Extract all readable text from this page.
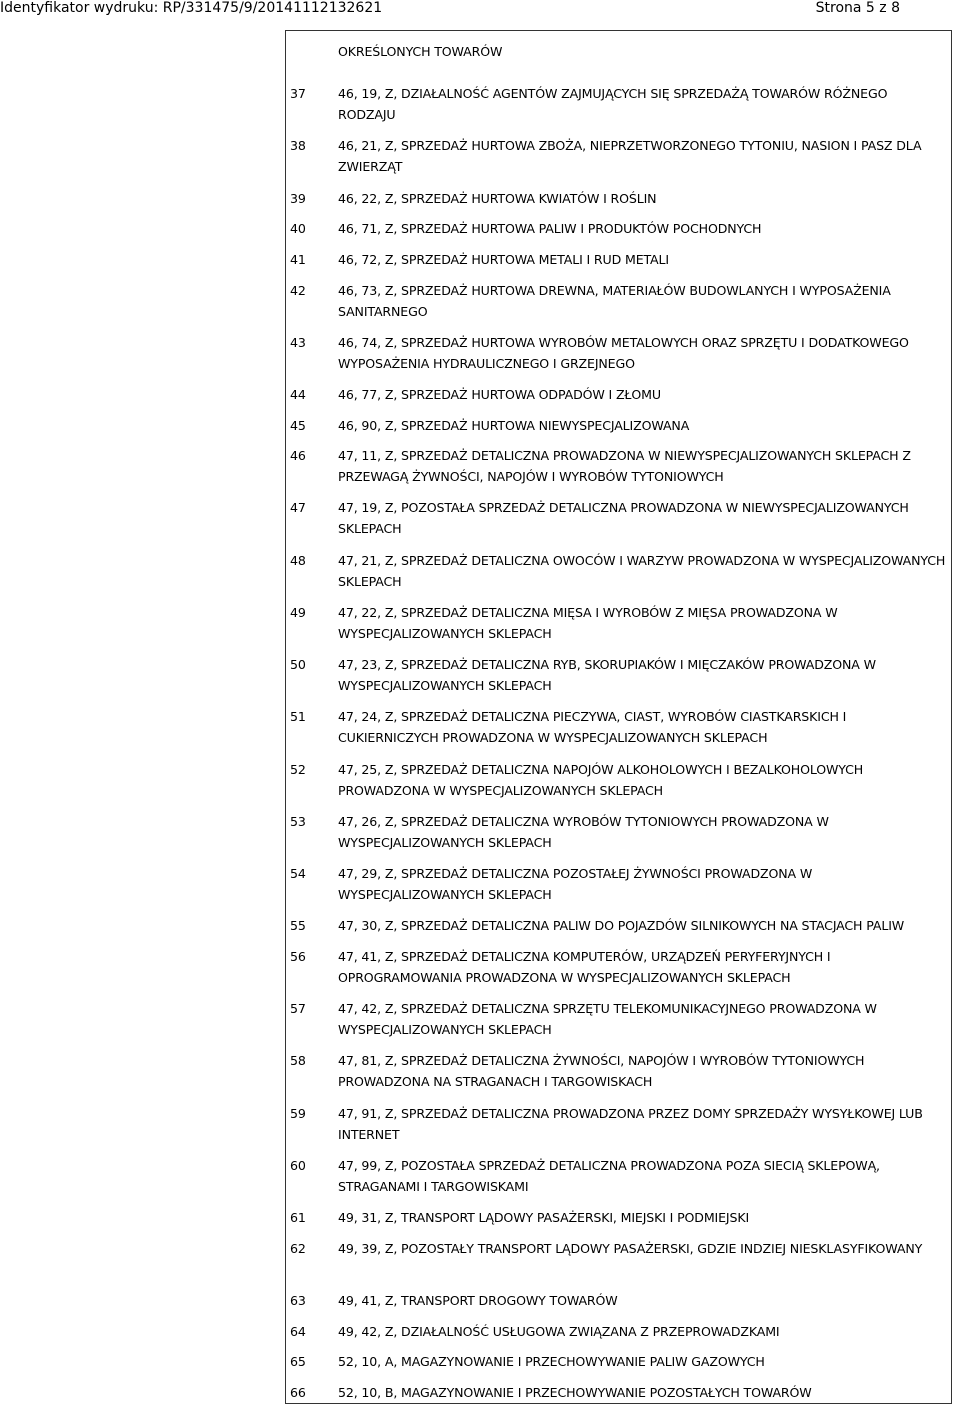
Identyfikator wydruku: RP/331475/9/20141112132621	Strona 5 z 8
OKREŚLONYCH TOWARÓW
37	46, 19, Z, DZIAŁALNOŚĆ AGENTÓW ZAJMUJĄCYCH SIĘ SPRZEDAŻĄ TOWARÓW RÓŻNEGO RODZAJU
38	46, 21, Z, SPRZEDAŻ HURTOWA ZBOŻA, NIEPRZETWORZONEGO TYTONIU, NASION I PASZ DLA ZWIERZĄT
39	46, 22, Z, SPRZEDAŻ HURTOWA KWIATÓW I ROŚLIN
40	46, 71, Z, SPRZEDAŻ HURTOWA PALIW I PRODUKTÓW POCHODNYCH
41	46, 72, Z, SPRZEDAŻ HURTOWA METALI I RUD METALI
42	46, 73, Z, SPRZEDAŻ HURTOWA DREWNA, MATERIAŁÓW BUDOWLANYCH I WYPOSAŻENIA SANITARNEGO
43	46, 74, Z, SPRZEDAŻ HURTOWA WYROBÓW METALOWYCH ORAZ SPRZĘTU I DODATKOWEGO WYPOSAŻENIA HYDRAULICZNEGO I GRZEJNEGO
44	46, 77, Z, SPRZEDAŻ HURTOWA ODPADÓW I ZŁOMU
45	46, 90, Z, SPRZEDAŻ HURTOWA NIEWYSPECJALIZOWANA
46	47, 11, Z, SPRZEDAŻ DETALICZNA PROWADZONA W NIEWYSPECJALIZOWANYCH SKLEPACH Z PRZEWAGĄ ŻYWNOŚCI, NAPOJÓW I WYROBÓW TYTONIOWYCH
47	47, 19, Z, POZOSTAŁA SPRZEDAŻ DETALICZNA PROWADZONA W NIEWYSPECJALIZOWANYCH SKLEPACH
48	47, 21, Z, SPRZEDAŻ DETALICZNA OWOCÓW I WARZYW PROWADZONA W WYSPECJALIZOWANYCH SKLEPACH
49	47, 22, Z, SPRZEDAŻ DETALICZNA MIĘSA I WYROBÓW Z MIĘSA PROWADZONA W WYSPECJALIZOWANYCH SKLEPACH
50	47, 23, Z, SPRZEDAŻ DETALICZNA RYB, SKORUPIAKÓW I MIĘCZAKÓW PROWADZONA W WYSPECJALIZOWANYCH SKLEPACH
51	47, 24, Z, SPRZEDAŻ DETALICZNA PIECZYWA, CIAST, WYROBÓW CIASTKARSKICH I CUKIERNICZYCH PROWADZONA W WYSPECJALIZOWANYCH SKLEPACH
52	47, 25, Z, SPRZEDAŻ DETALICZNA NAPOJÓW ALKOHOLOWYCH I BEZALKOHOLOWYCH PROWADZONA W WYSPECJALIZOWANYCH SKLEPACH
53	47, 26, Z, SPRZEDAŻ DETALICZNA WYROBÓW TYTONIOWYCH PROWADZONA W WYSPECJALIZOWANYCH SKLEPACH
54	47, 29, Z, SPRZEDAŻ DETALICZNA POZOSTAŁEJ ŻYWNOŚCI PROWADZONA W WYSPECJALIZOWANYCH SKLEPACH
55	47, 30, Z, SPRZEDAŻ DETALICZNA PALIW DO POJAZDÓW SILNIKOWYCH NA STACJACH PALIW
56	47, 41, Z, SPRZEDAŻ DETALICZNA KOMPUTERÓW, URZĄDZEŃ PERYFERYJNYCH I OPROGRAMOWANIA PROWADZONA W WYSPECJALIZOWANYCH SKLEPACH
57	47, 42, Z, SPRZEDAŻ DETALICZNA SPRZĘTU TELEKOMUNIKACYJNEGO PROWADZONA W WYSPECJALIZOWANYCH SKLEPACH
58	47, 81, Z, SPRZEDAŻ DETALICZNA ŻYWNOŚCI, NAPOJÓW I WYROBÓW TYTONIOWYCH PROWADZONA NA STRAGANACH I TARGOWISKACH
59	47, 91, Z, SPRZEDAŻ DETALICZNA PROWADZONA PRZEZ DOMY SPRZEDAŻY WYSYŁKOWEJ LUB INTERNET
60	47, 99, Z, POZOSTAŁA SPRZEDAŻ DETALICZNA PROWADZONA POZA SIECIĄ SKLEPOWĄ, STRAGANAMI I TARGOWISKAMI
61	49, 31, Z, TRANSPORT LĄDOWY PASAŻERSKI, MIEJSKI I PODMIEJSKI
62	49, 39, Z, POZOSTAŁY TRANSPORT LĄDOWY PASAŻERSKI, GDZIE INDZIEJ NIESKLASYFIKOWANY
63	49, 41, Z, TRANSPORT DROGOWY TOWARÓW
64	49, 42, Z, DZIAŁALNOŚĆ USŁUGOWA ZWIĄZANA Z PRZEPROWADZKAMI
65	52, 10, A, MAGAZYNOWANIE I PRZECHOWYWANIE PALIW GAZOWYCH
66	52, 10, B, MAGAZYNOWANIE I PRZECHOWYWANIE POZOSTAŁYCH TOWARÓW
